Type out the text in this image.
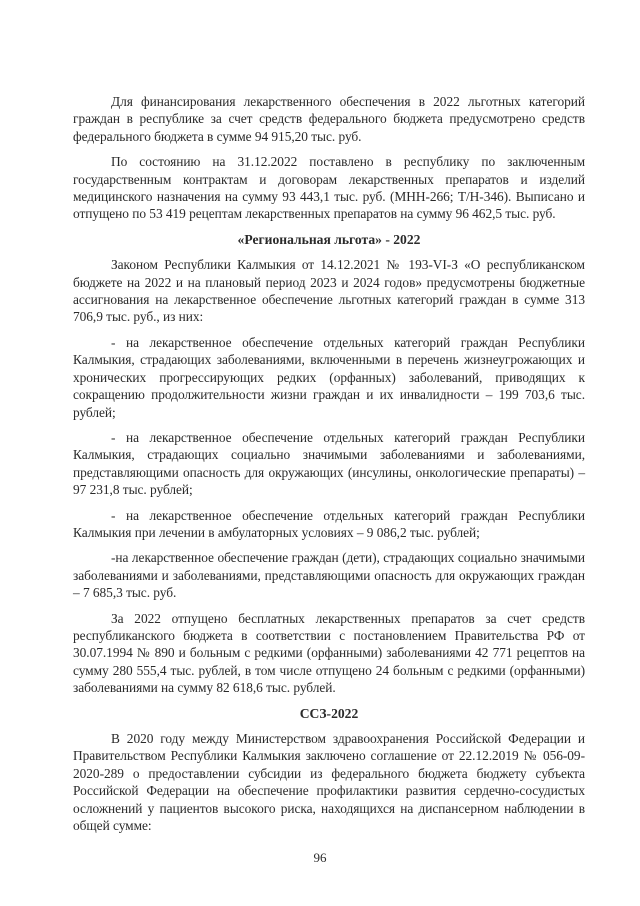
Для финансирования лекарственного обеспечения в 2022 льготных категорий граждан в республике за счет средств федерального бюджета предусмотрено средств федерального бюджета в сумме 94 915,20 тыс. руб.

По состоянию на 31.12.2022 поставлено в республику по заключенным государственным контрактам и договорам лекарственных препаратов и изделий медицинского назначения на сумму 93 443,1 тыс. руб. (МНН-266; Т/Н-346). Выписано и отпущено по 53 419 рецептам лекарственных препаратов на сумму 96 462,5 тыс. руб.

«Региональная льгота» - 2022

Законом Республики Калмыкия от 14.12.2021 № 193-VI-З «О республиканском бюджете на 2022 и на плановый период 2023 и 2024 годов» предусмотрены бюджетные ассигнования на лекарственное обеспечение льготных категорий граждан в сумме 313 706,9 тыс. руб., из них:

- на лекарственное обеспечение отдельных категорий граждан Республики Калмыкия, страдающих заболеваниями, включенными в перечень жизнеугрожающих и хронических прогрессирующих редких (орфанных) заболеваний, приводящих к сокращению продолжительности жизни граждан и их инвалидности – 199 703,6 тыс. рублей;

- на лекарственное обеспечение отдельных категорий граждан Республики Калмыкия, страдающих социально значимыми заболеваниями и заболеваниями, представляющими опасность для окружающих (инсулины, онкологические препараты) – 97 231,8 тыс. рублей;

- на лекарственное обеспечение отдельных категорий граждан Республики Калмыкия при лечении в амбулаторных условиях – 9 086,2 тыс. рублей;

-на лекарственное обеспечение граждан (дети), страдающих социально значимыми заболеваниями и заболеваниями, представляющими опасность для окружающих граждан – 7 685,3 тыс. руб.

За 2022 отпущено бесплатных лекарственных препаратов за счет средств республиканского бюджета в соответствии с постановлением Правительства РФ от 30.07.1994 № 890 и больным с редкими (орфанными) заболеваниями 42 771 рецептов на сумму 280 555,4 тыс. рублей, в том числе отпущено 24 больным с редкими (орфанными) заболеваниями на сумму 82 618,6 тыс. рублей.

ССЗ-2022

В 2020 году между Министерством здравоохранения Российской Федерации и Правительством Республики Калмыкия заключено соглашение от 22.12.2019 № 056-09-2020-289 о предоставлении субсидии из федерального бюджета бюджету субъекта Российской Федерации на обеспечение профилактики развития сердечно-сосудистых осложнений у пациентов высокого риска, находящихся на диспансерном наблюдении в общей сумме:

96
